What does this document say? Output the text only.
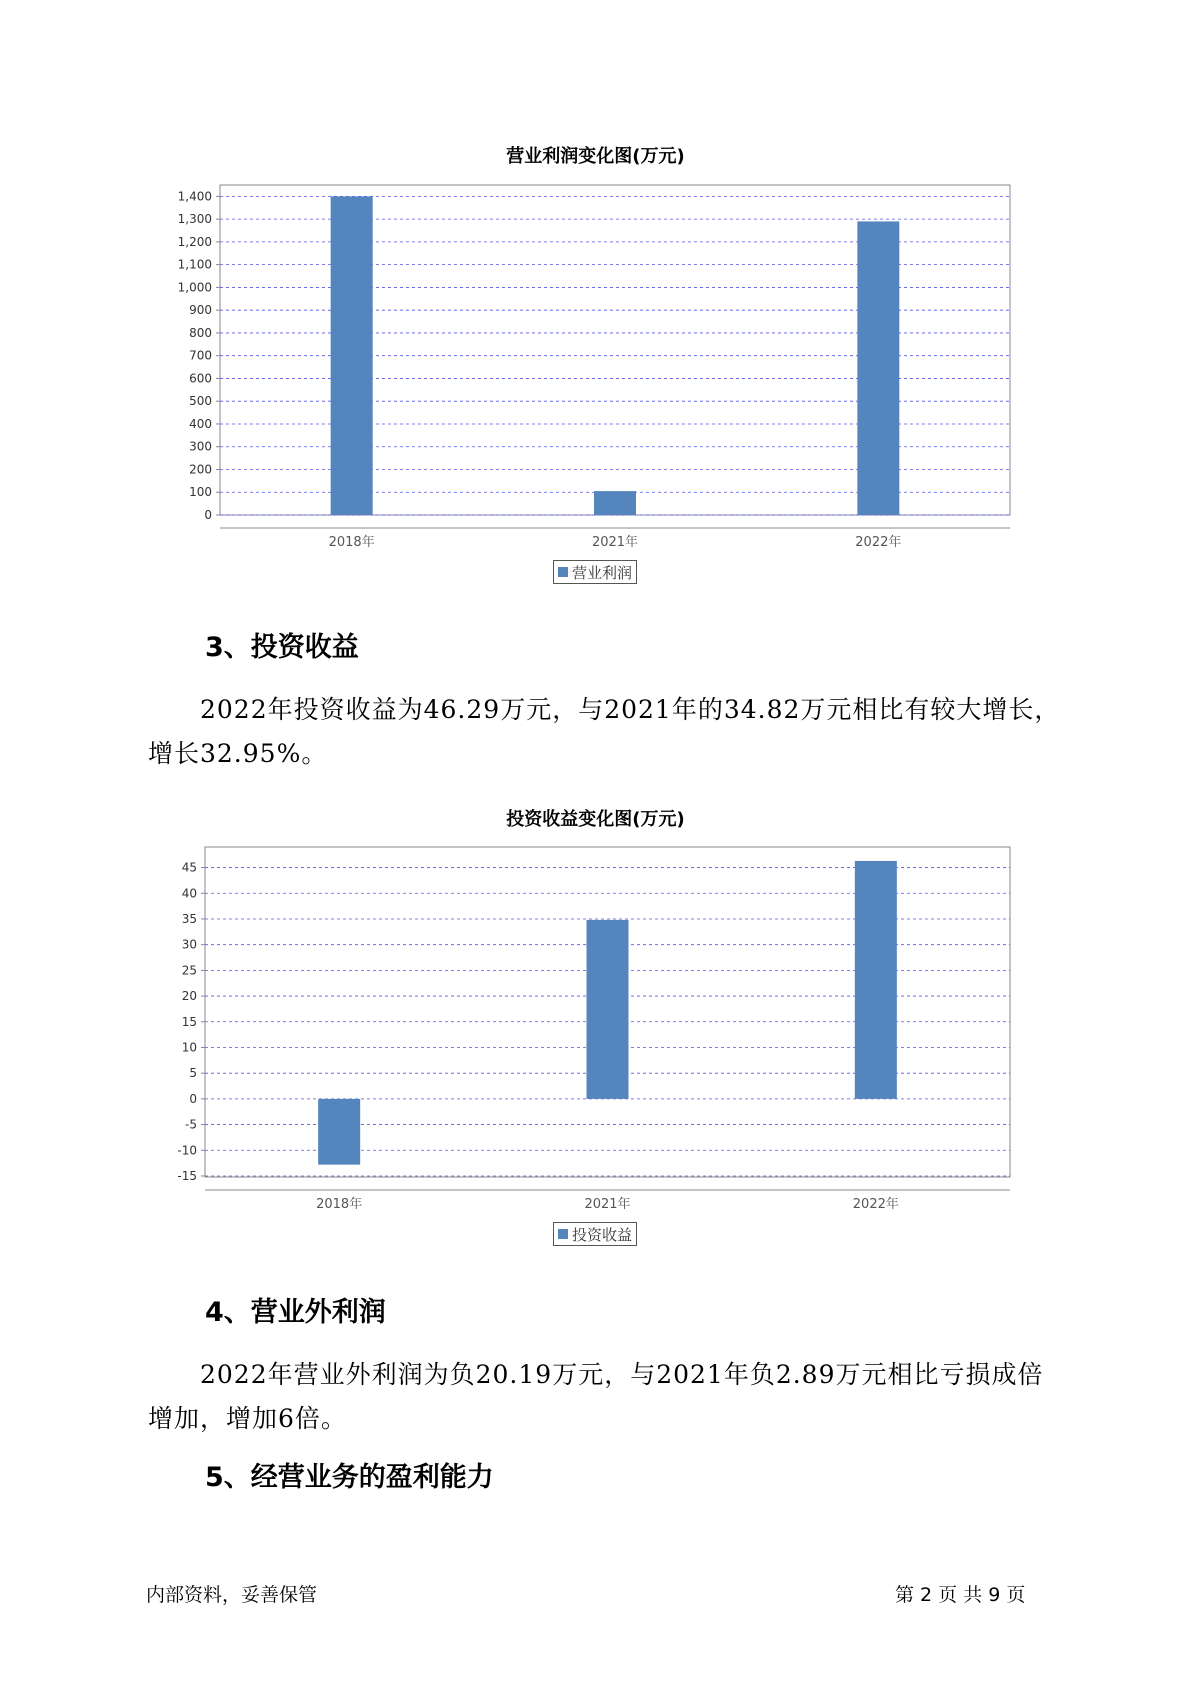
营业利润变化图(万元)
0
100
200
300
400
500
600
700
800
900
1,000
1,100
1,200
1,300
1,400
2018年	2021年	2022年
营业利润
3、投资收益
2022年投资收益为46.29万元，与2021年的34.82万元相比有较大增长，增长32.95%。
投资收益变化图(万元)
-15
-10
-5
0
5
10
15
20
25
30
35
40
45
2018年	2021年	2022年
投资收益
4、营业外利润
2022年营业外利润为负20.19万元，与2021年负2.89万元相比亏损成倍增加，增加6倍。
5、经营业务的盈利能力
内部资料，妥善保管	第 2 页 共 9 页
